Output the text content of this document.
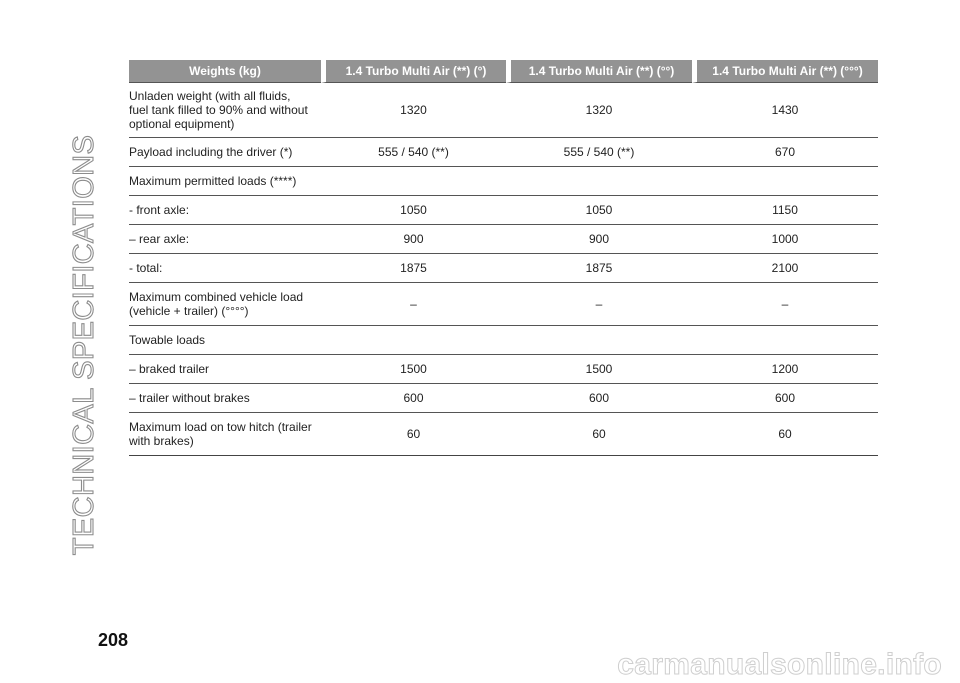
TECHNICAL SPECIFICATIONS
Weights (kg)	1.4 Turbo Multi Air (**) (°)	1.4 Turbo Multi Air (**) (°°)	1.4 Turbo Multi Air (**) (°°°)
Unladen weight (with all fluids, fuel tank filled to 90% and without optional equipment)	1320	1320	1430
Payload including the driver (*)	555 / 540 (**)	555 / 540 (**)	670
Maximum permitted loads (****)			
- front axle:	1050	1050	1150
– rear axle:	900	900	1000
- total:	1875	1875	2100
Maximum combined vehicle load (vehicle + trailer) (°°°°)	–	–	–
Towable loads			
– braked trailer	1500	1500	1200
– trailer without brakes	600	600	600
Maximum load on tow hitch (trailer with brakes)	60	60	60
208
carmanualsonline.info
